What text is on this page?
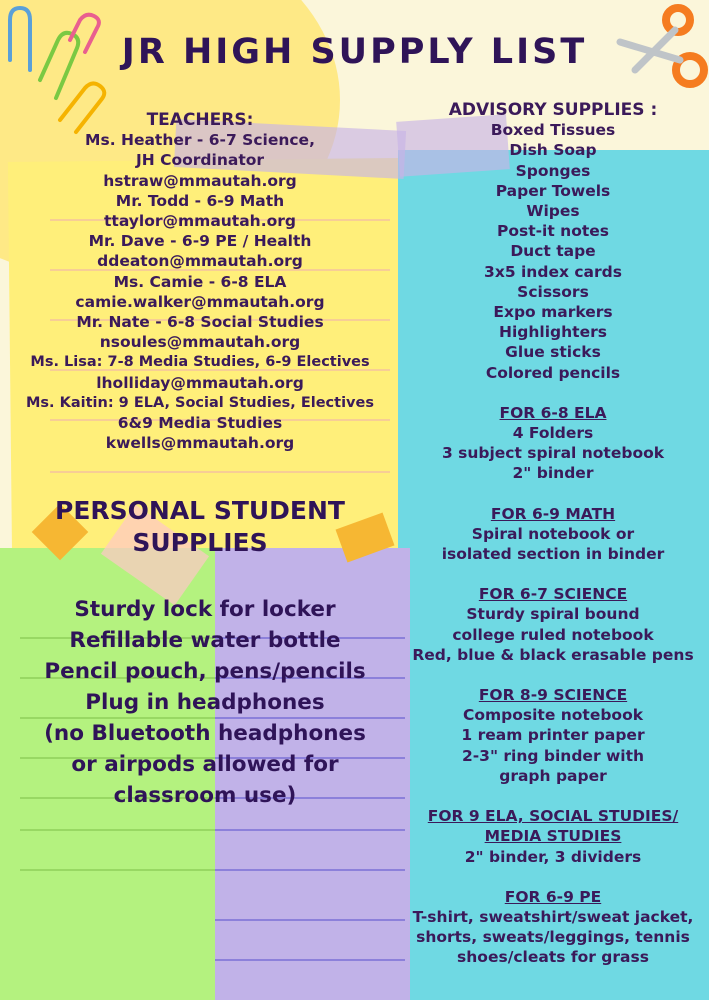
JR HIGH SUPPLY LIST
TEACHERS:
Ms. Heather - 6-7 Science,
JH Coordinator
hstraw@mmautah.org
Mr. Todd - 6-9 Math
ttaylor@mmautah.org
Mr. Dave - 6-9 PE / Health
ddeaton@mmautah.org
Ms. Camie - 6-8 ELA
camie.walker@mmautah.org
Mr. Nate - 6-8 Social Studies
nsoules@mmautah.org
Ms. Lisa: 7-8 Media Studies, 6-9 Electives
lholliday@mmautah.org
Ms. Kaitin: 9 ELA, Social Studies, Electives
6&9 Media Studies
kwells@mmautah.org
PERSONAL STUDENT
SUPPLIES
Sturdy lock for locker
Refillable water bottle
Pencil pouch, pens/pencils
Plug in headphones
(no Bluetooth headphones
or airpods allowed for
classroom use)
ADVISORY SUPPLIES :
Boxed Tissues
Dish Soap
Sponges
Paper Towels
Wipes
Post-it notes
Duct tape
3x5 index cards
Scissors
Expo markers
Highlighters
Glue sticks
Colored pencils
FOR 6-8 ELA
4 Folders
3 subject spiral notebook
2" binder
FOR 6-9 MATH
Spiral notebook or
isolated section in binder
FOR 6-7 SCIENCE
Sturdy spiral bound
college ruled notebook
Red, blue & black erasable pens
FOR 8-9 SCIENCE
Composite notebook
1 ream printer paper
2-3" ring binder with
graph paper
FOR 9 ELA, SOCIAL STUDIES/
MEDIA STUDIES
2" binder, 3 dividers
FOR 6-9 PE
T-shirt, sweatshirt/sweat jacket,
shorts, sweats/leggings, tennis
shoes/cleats for grass
